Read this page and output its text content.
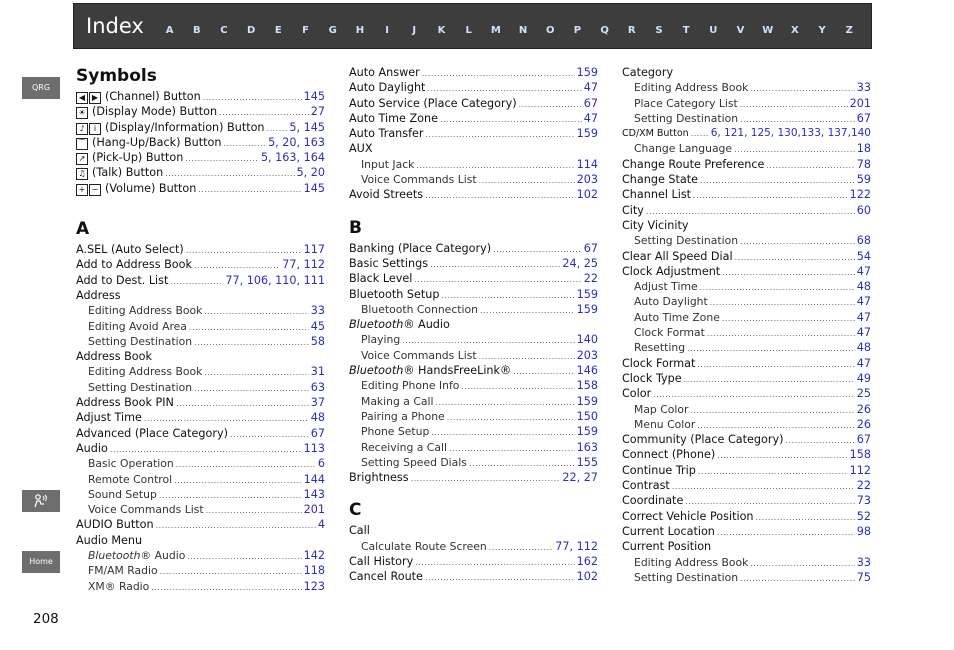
Index	A	B	C	D	E	F	G	H	I	J	K	L	M	N	O	P	Q	R	S	T	U	V	W	X	Y	Z
QRG
Home
Symbols
◀ ▶ (Channel) Button .....	145
☀ (Display Mode) Button .....	27
♪	i (Display/Information) Button ..... 5, 145
⌒ (Hang-Up/Back) Button .....	5, 20, 163
↗ (Pick-Up) Button .....	5, 163, 164
♫ (Talk) Button .....	5, 20
+ − (Volume) Button .....	145
A
A.SEL (Auto Select) .....	117
Add to Address Book .....	77, 112
Add to Dest. List .....	77, 106, 110, 111
Address
Editing Address Book .....	33
Editing Avoid Area .....	45
Setting Destination .....	58
Address Book
Editing Address Book .....	31
Setting Destination .....	63
Address Book PIN .....	37
Adjust Time .....	48
Advanced (Place Category) .....	67
Audio .....	113
Basic Operation .....	6
Remote Control .....	144
Sound Setup .....	143
Voice Commands List .....	201
AUDIO Button .....	4
Audio Menu
Bluetooth® Audio .....	142
FM/AM Radio .....	118
XM® Radio .....	123
Auto Answer .....	159
Auto Daylight .....	47
Auto Service (Place Category) .....	67
Auto Time Zone .....	47
Auto Transfer .....	159
AUX
Input Jack .....	114
Voice Commands List .....	203
Avoid Streets .....	102
B
Banking (Place Category) .....	67
Basic Settings .....	24, 25
Black Level .....	22
Bluetooth Setup .....	159
Bluetooth Connection .....	159
Bluetooth® Audio
Playing .....	140
Voice Commands List .....	203
Bluetooth® HandsFreeLink® .....	146
Editing Phone Info .....	158
Making a Call .....	159
Pairing a Phone .....	150
Phone Setup .....	159
Receiving a Call .....	163
Setting Speed Dials .....	155
Brightness .....	22, 27
C
Call
Calculate Route Screen .....	77, 112
Call History .....	162
Cancel Route .....	102
Category
Editing Address Book .....	33
Place Category List .....	201
Setting Destination .....	67
CD/XM Button ..... 6, 121, 125, 130,133, 137,140
Change Language .....	18
Change Route Preference .....	78
Change State .....	59
Channel List .....	122
City .....	60
City Vicinity
Setting Destination .....	68
Clear All Speed Dial .....	54
Clock Adjustment .....	47
Adjust Time .....	48
Auto Daylight .....	47
Auto Time Zone .....	47
Clock Format .....	47
Resetting .....	48
Clock Format .....	47
Clock Type .....	49
Color .....	25
Map Color .....	26
Menu Color .....	26
Community (Place Category) .....	67
Connect (Phone) .....	158
Continue Trip .....	112
Contrast .....	22
Coordinate .....	73
Correct Vehicle Position .....	52
Current Location .....	98
Current Position
Editing Address Book .....	33
Setting Destination .....	75
208
